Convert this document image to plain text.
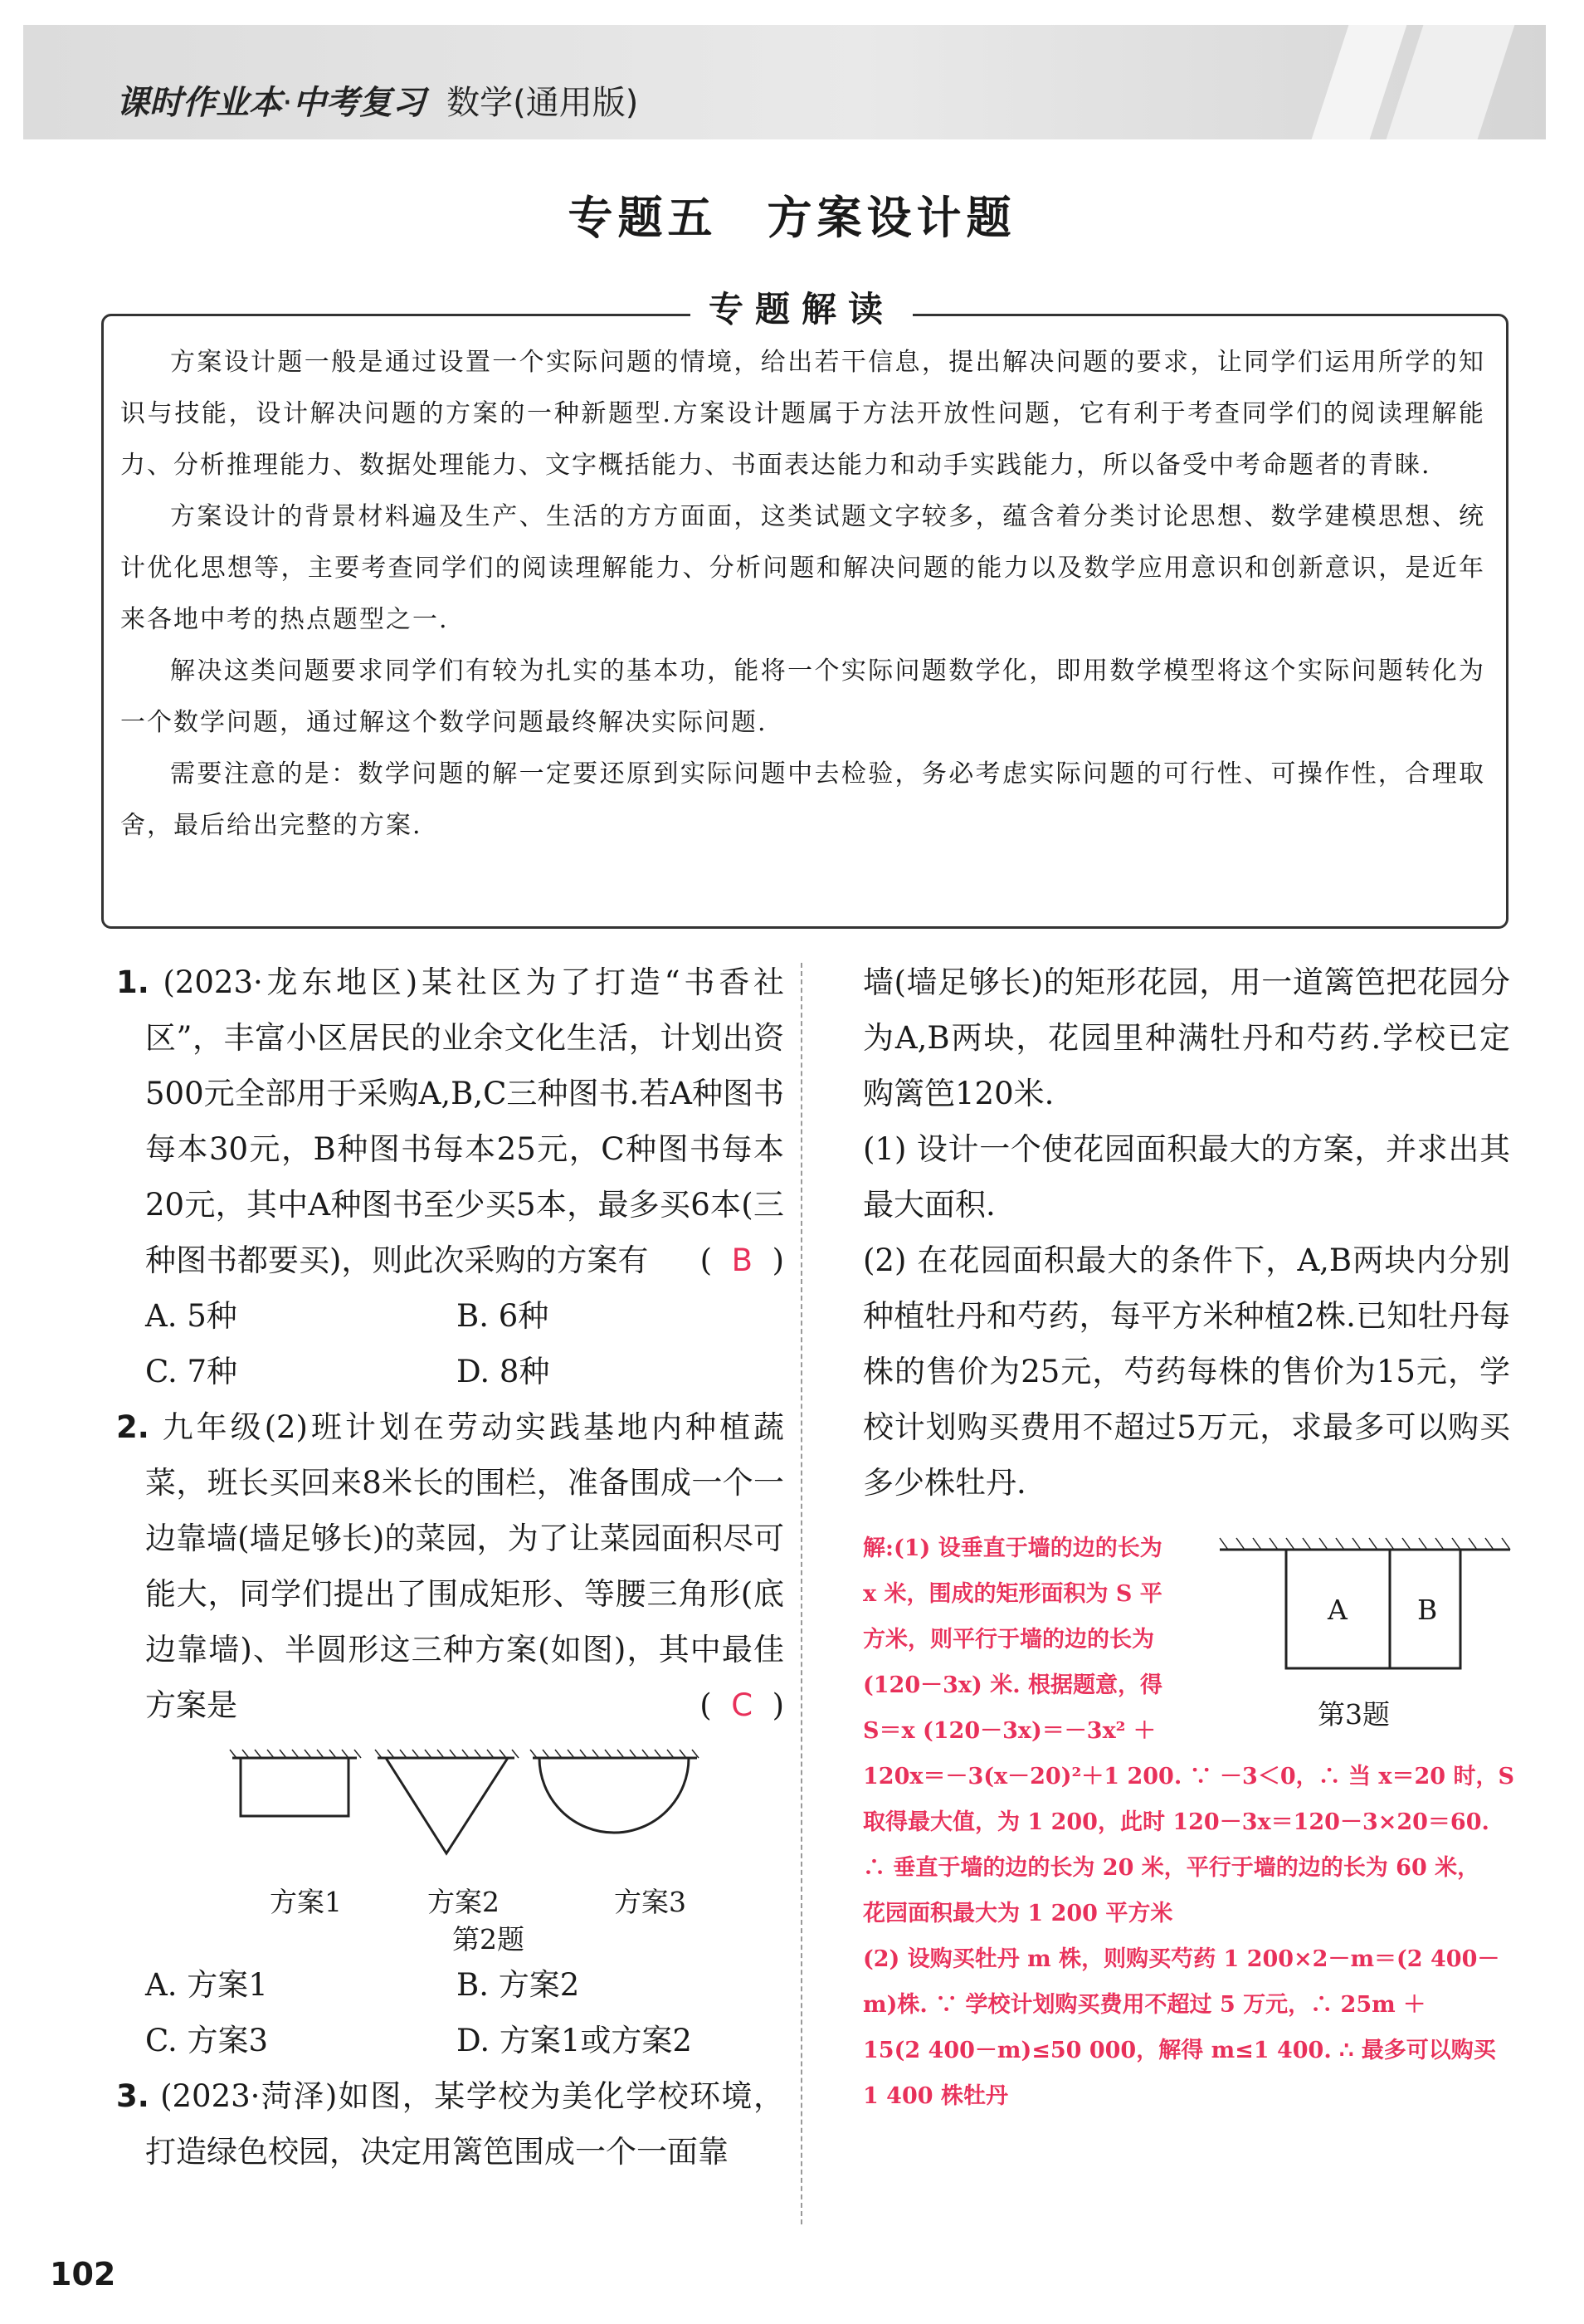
课时作业本·中考复习 数学(通用版)
专题五　方案设计题
专题解读

方案设计题一般是通过设置一个实际问题的情境，给出若干信息，提出解决问题的要求，让同学们运用所学的知识与技能，设计解决问题的方案的一种新题型.方案设计题属于方法开放性问题，它有利于考查同学们的阅读理解能力、分析推理能力、数据处理能力、文字概括能力、书面表达能力和动手实践能力，所以备受中考命题者的青睐.

方案设计的背景材料遍及生产、生活的方方面面，这类试题文字较多，蕴含着分类讨论思想、数学建模思想、统计优化思想等，主要考查同学们的阅读理解能力、分析问题和解决问题的能力以及数学应用意识和创新意识，是近年来各地中考的热点题型之一.

解决这类问题要求同学们有较为扎实的基本功，能将一个实际问题数学化，即用数学模型将这个实际问题转化为一个数学问题，通过解这个数学问题最终解决实际问题.

需要注意的是：数学问题的解一定要还原到实际问题中去检验，务必考虑实际问题的可行性、可操作性，合理取舍，最后给出完整的方案.

1. (2023·龙东地区)某社区为了打造“书香社区”，丰富小区居民的业余文化生活，计划出资500元全部用于采购A,B,C三种图书.若A种图书每本30元，B种图书每本25元，C种图书每本20元，其中A种图书至少买5本，最多买6本(三种图书都要买)，则此次采购的方案有	( B )
A. 5种	B. 6种
C. 7种	D. 8种
2. 九年级(2)班计划在劳动实践基地内种植蔬菜，班长买回来8米长的围栏，准备围成一个一边靠墙(墙足够长)的菜园，为了让菜园面积尽可能大，同学们提出了围成矩形、等腰三角形(底边靠墙)、半圆形这三种方案(如图)，其中最佳方案是	( C )
方案1	方案2	方案3
第2题
A. 方案1	B. 方案2
C. 方案3	D. 方案1或方案2
3. (2023·菏泽)如图，某学校为美化学校环境，打造绿色校园，决定用篱笆围成一个一面靠
墙(墙足够长)的矩形花园，用一道篱笆把花园分为A,B两块，花园里种满牡丹和芍药.学校已定购篱笆120米.
(1) 设计一个使花园面积最大的方案，并求出其最大面积.
(2) 在花园面积最大的条件下，A,B两块内分别种植牡丹和芍药，每平方米种植2株.已知牡丹每株的售价为25元，芍药每株的售价为15元，学校计划购买费用不超过5万元，求最多可以购买多少株牡丹.
A	B
第3题
解:(1) 设垂直于墙的边的长为
x 米，围成的矩形面积为 S 平
方米，则平行于墙的边的长为
(120－3x) 米. 根据题意，得
S＝x (120－3x)＝－3x² ＋
120x＝－3(x－20)²＋1 200. ∵ －3＜0，∴ 当 x＝20 时，S
取得最大值，为 1 200，此时 120－3x＝120－3×20＝60.
∴ 垂直于墙的边的长为 20 米，平行于墙的边的长为 60 米，
花园面积最大为 1 200 平方米
(2) 设购买牡丹 m 株，则购买芍药 1 200×2－m＝(2 400－
m)株. ∵ 学校计划购买费用不超过 5 万元，∴ 25m ＋
15(2 400－m)≤50 000，解得 m≤1 400. ∴ 最多可以购买
1 400 株牡丹
102
